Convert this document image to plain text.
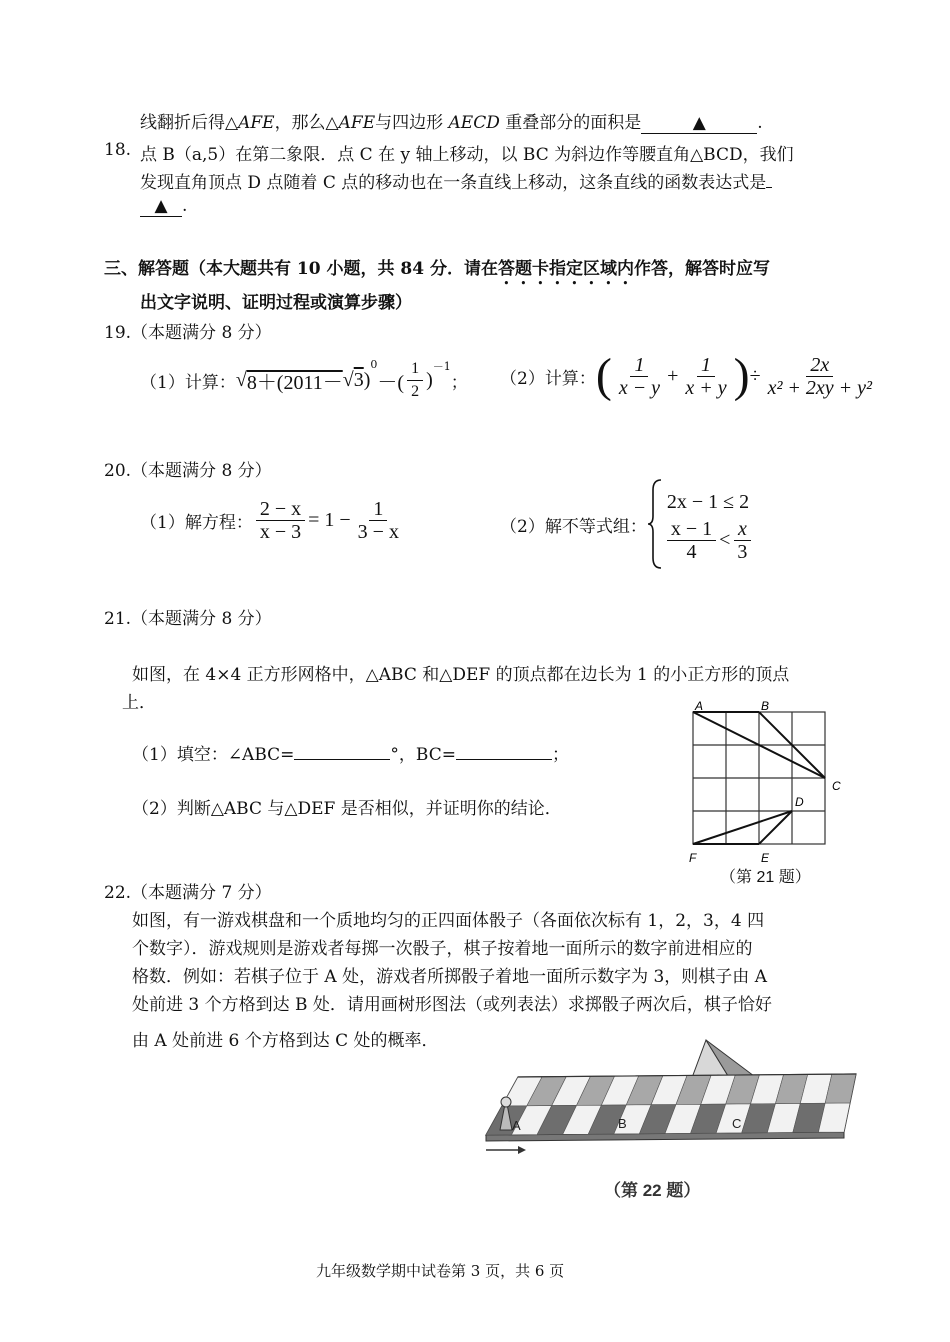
线翻折后得△AFE，那么△AFE与四边形 AECD 重叠部分的面积是	▲	.
18. 点 B（a,5）在第二象限．点 C 在 y 轴上移动，以 BC 为斜边作等腰直角△BCD，我们
发现直角顶点 D 点随着 C 点的移动也在一条直线上移动，这条直线的函数表达式是
▲ .
三、解答题（本大题共有 10 小题，共 84 分．请在答题卡指定区域内作答，解答时应写
出文字说明、证明过程或演算步骤）
19.（本题满分 8 分）
（1）计算： √ 8＋(2011－ √ 3 )
$^0$
－( $\frac{1}{2}$ )
$^{-1}$
； （2）计算： ( $\frac{1}{x - y} + \frac{1}{x + y}$ ) ÷ $\frac{2x}{\text{x² + 2xy + y²}}$
20.（本题满分 8 分）
（1）解方程： $\frac{2 - x}{x - 3} = 1 - \frac{1}{3 - x}$	（2）解不等式组：
2x − 1 ≤ 2
$\frac{x - 1}{4} < \frac{x}{3}$
21.（本题满分 8 分）
如图，在 4×4 正方形网格中，△ABC 和△DEF 的顶点都在边长为 1 的小正方形的顶点
上．
（1）填空：∠ABC=	°，BC=	；
（2）判断△ABC 与△DEF 是否相似，并证明你的结论．
A	B
C
D
E
F
（第 21 题）
22.（本题满分 7 分）
如图，有一游戏棋盘和一个质地均匀的正四面体骰子（各面依次标有 1，2，3，4 四
个数字）．游戏规则是游戏者每掷一次骰子，棋子按着地一面所示的数字前进相应的
格数．例如：若棋子位于 A 处，游戏者所掷骰子着地一面所示数字为 3，则棋子由 A
处前进 3 个方格到达 B 处．请用画树形图法（或列表法）求掷骰子两次后，棋子恰好
由 A 处前进 6 个方格到达 C 处的概率．
A	B	C
（第 22 题）
九年级数学期中试卷第 3 页，共 6 页
